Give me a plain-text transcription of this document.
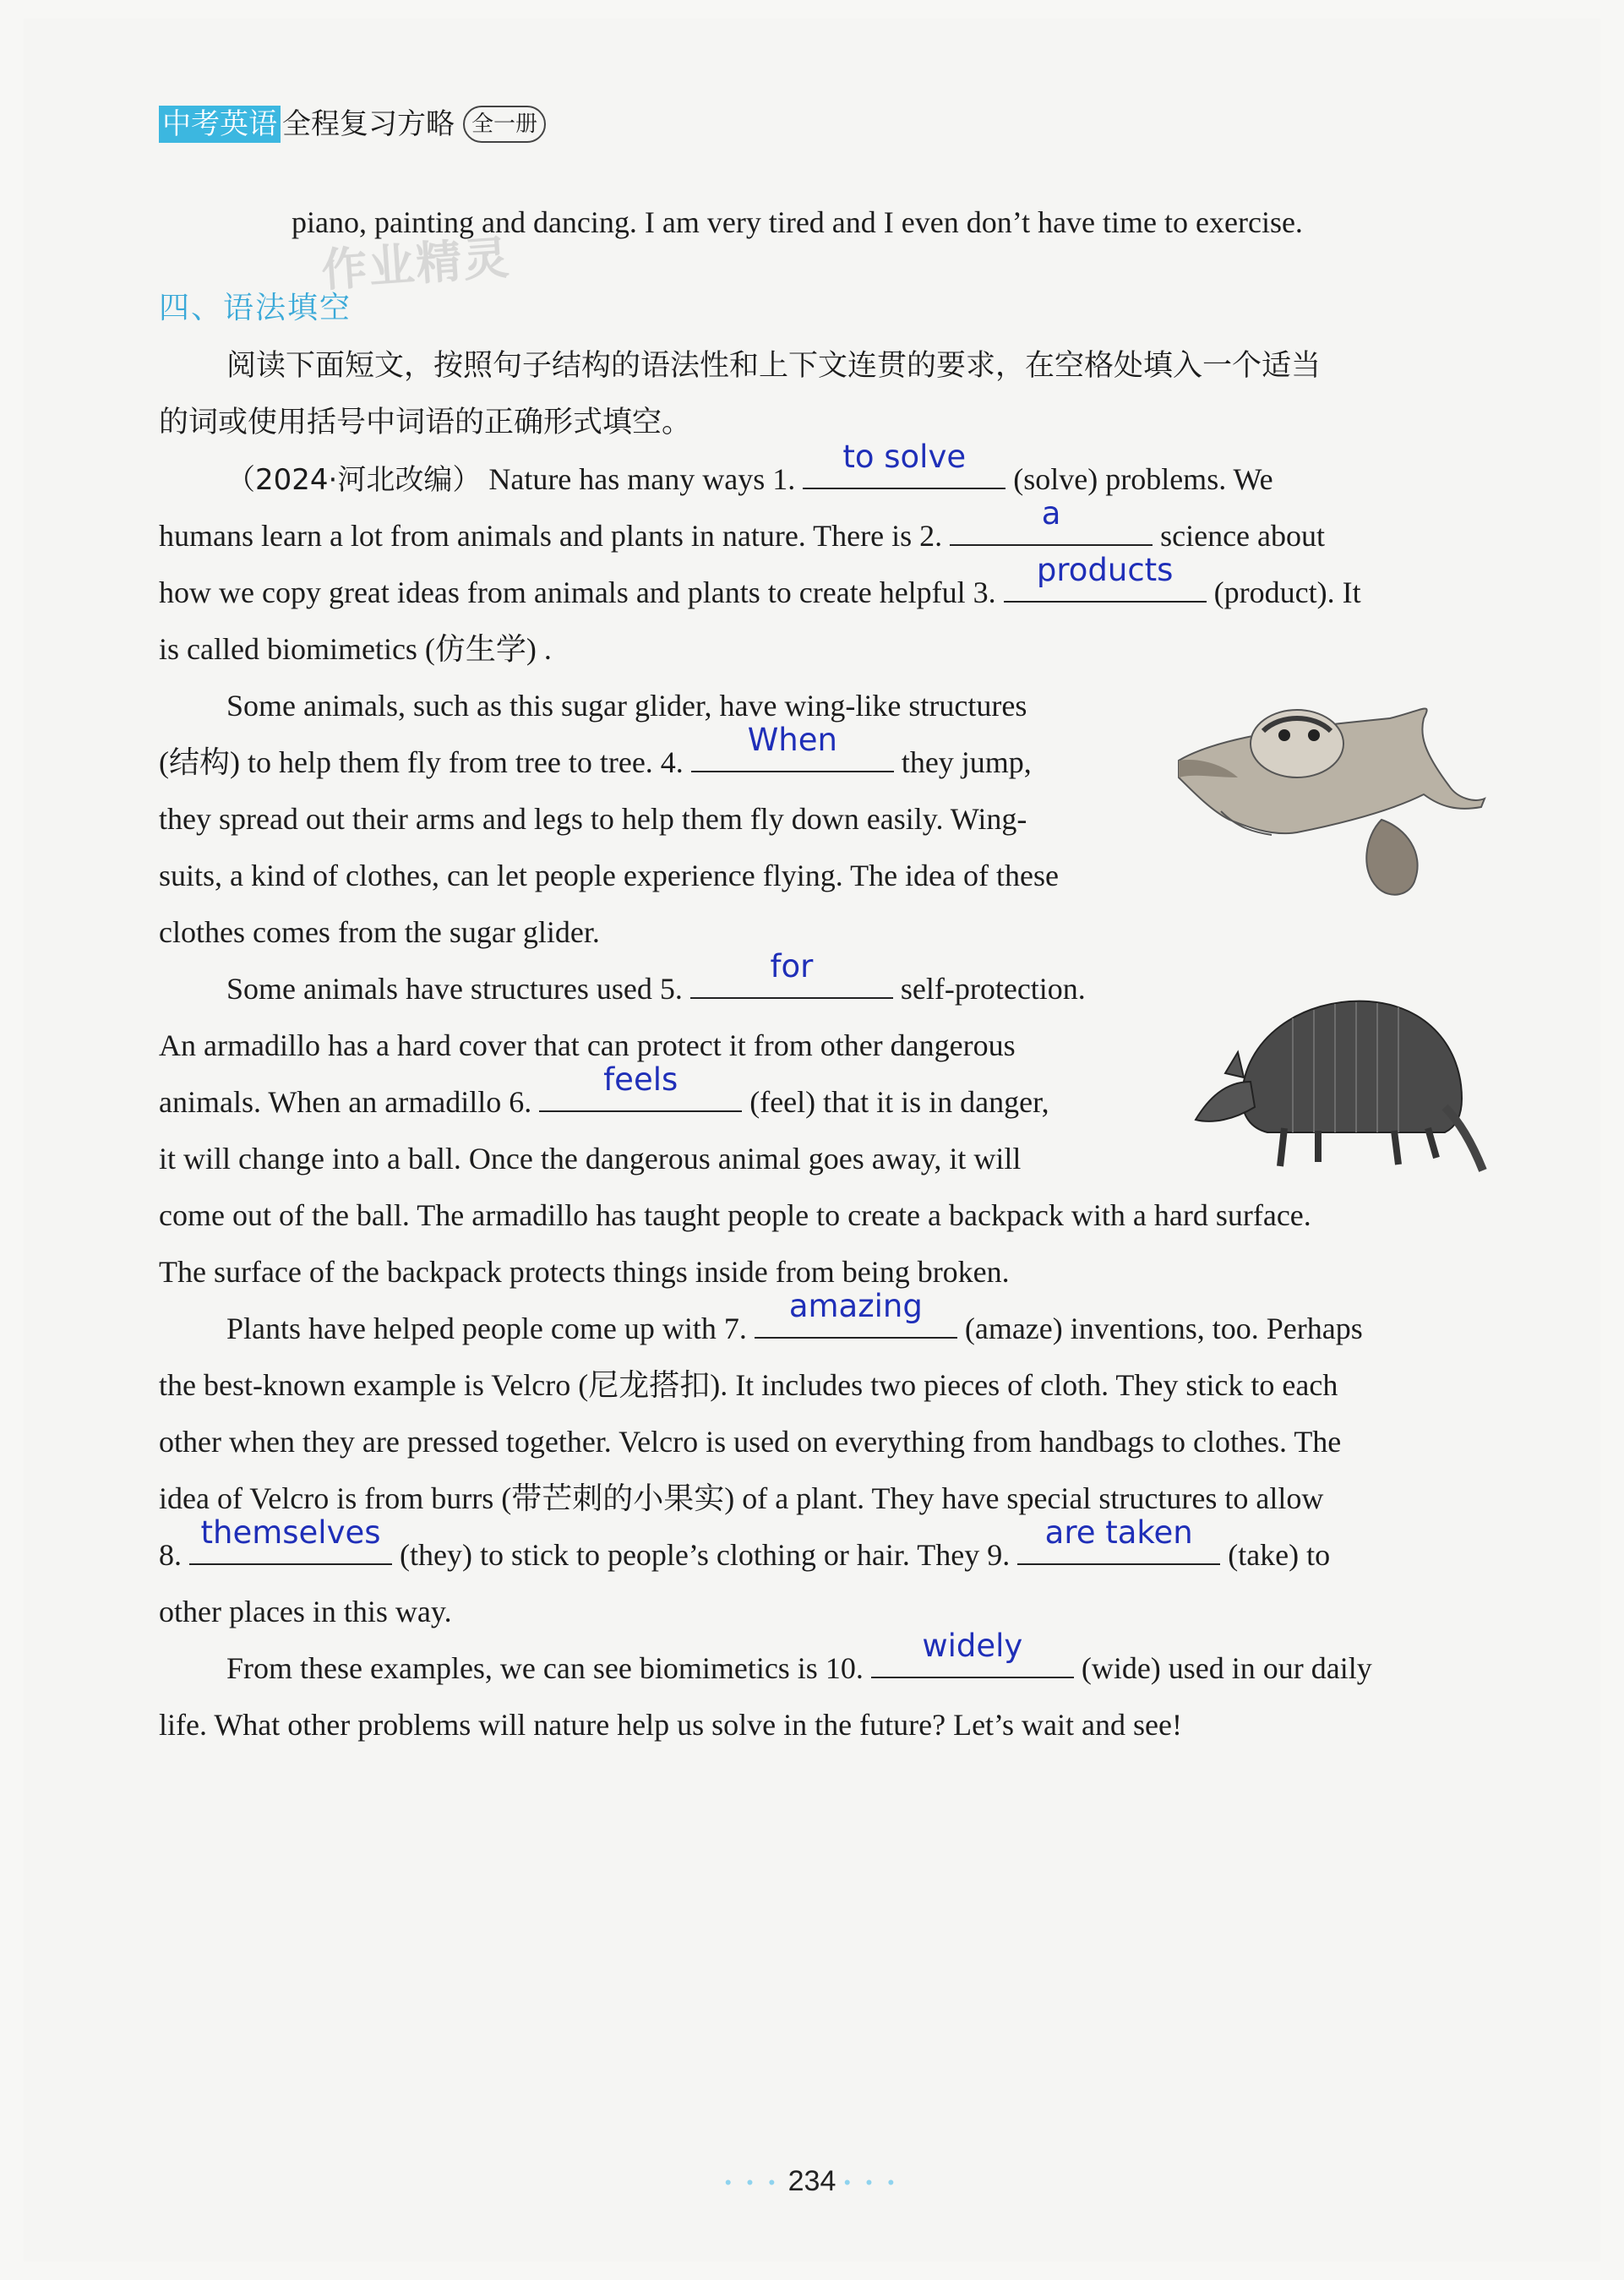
中考英语 全程复习方略 全一册
piano, painting and dancing. I am very tired and I even don’t have time to exercise.
作业精灵
四、语法填空
阅读下面短文，按照句子结构的语法性和上下文连贯的要求，在空格处填入一个适当
的词或使用括号中词语的正确形式填空。
（2024·河北改编） Nature has many ways 1.
to solve
(solve) problems. We
humans learn a lot from animals and plants in nature. There is 2.
a
science about
how we copy great ideas from animals and plants to create helpful 3.
products
(product). It
is called biomimetics (仿生学) .
Some animals, such as this sugar glider, have wing-like structures
(结构) to help them fly from tree to tree. 4.
When
they jump,
they spread out their arms and legs to help them fly down easily. Wing-
suits, a kind of clothes, can let people experience flying. The idea of these
clothes comes from the sugar glider.
Some animals have structures used 5.
for
self-protection.
An armadillo has a hard cover that can protect it from other dangerous
animals. When an armadillo 6.
feels
(feel) that it is in danger,
it will change into a ball. Once the dangerous animal goes away, it will
come out of the ball. The armadillo has taught people to create a backpack with a hard surface.
The surface of the backpack protects things inside from being broken.
Plants have helped people come up with 7.
amazing
(amaze) inventions, too. Perhaps
the best-known example is Velcro (尼龙搭扣). It includes two pieces of cloth. They stick to each
other when they are pressed together. Velcro is used on everything from handbags to clothes. The
idea of Velcro is from burrs (带芒刺的小果实) of a plant. They have special structures to allow
8.
themselves
(they) to stick to people’s clothing or hair. They 9.
are taken
(take) to
other places in this way.
From these examples, we can see biomimetics is 10.
widely
(wide) used in our daily
life. What other problems will nature help us solve in the future? Let’s wait and see!
• • • 234 • • •
